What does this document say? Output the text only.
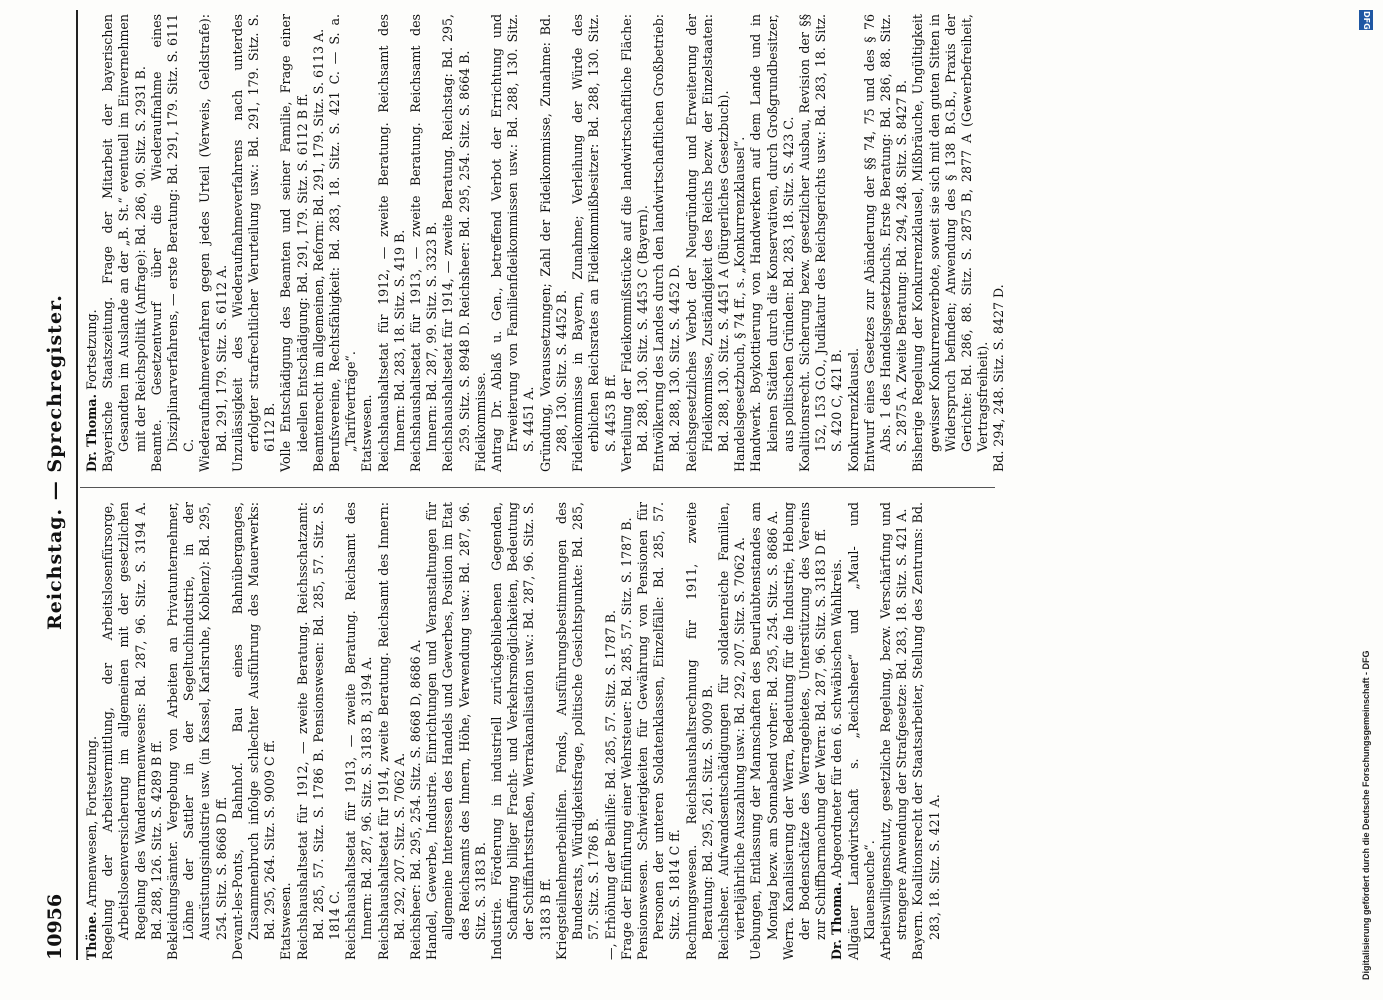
10956
Reichstag. — Sprechregister.

Thöne. Armenwesen, Fortsetzung. Regelung der Arbeitsvermittlung, der Arbeitslosenfürsorge, Arbeitslosenversicherung im allgemeinen mit der gesetzlichen Regelung des Wanderarmenwesens: Bd. 287, 96. Sitz. S. 3194 A. Bd. 288, 126. Sitz. S. 4289 B ff. Bekleidungsämter. Vergebung von Arbeiten an Privatunternehmer, Löhne der Sattler in der Segeltuchindustrie, in der Ausrüstungsindustrie usw. (in Kassel, Karlsruhe, Koblenz): Bd. 295, 254. Sitz. S. 8668 D ff. Devant-les-Ponts, Bahnhof. Bau eines Bahnüberganges, Zusammenbruch infolge schlechter Ausführung des Mauerwerks: Bd. 295, 264. Sitz. S. 9009 C ff. Etatswesen. Reichshaushaltsetat für 1912, — zweite Beratung. Reichsschatzamt: Bd. 285, 57. Sitz. S. 1786 B. Pensionswesen: Bd. 285, 57. Sitz. S. 1814 C. Reichshaushaltsetat für 1913, — zweite Beratung. Reichsamt des Innern: Bd. 287, 96. Sitz. S. 3183 B, 3194 A. Reichshaushaltsetat für 1914, zweite Beratung. Reichsamt des Innern: Bd. 292, 207. Sitz. S. 7062 A. Reichsheer: Bd. 295, 254. Sitz. S. 8668 D, 8686 A. Handel, Gewerbe, Industrie. Einrichtungen und Veranstaltungen für allgemeine Interessen des Handels und Gewerbes, Position im Etat des Reichsamts des Innern, Höhe, Verwendung usw.: Bd. 287, 96. Sitz. S. 3183 B. Industrie. Förderung in industriell zurückgebliebenen Gegenden, Schaffung billiger Fracht- und Verkehrsmöglichkeiten, Bedeutung der Schiffahrtsstraßen, Werrakanalisation usw.: Bd. 287, 96. Sitz. S. 3183 B ff. Kriegsteilnehmerbeihilfen. Fonds, Ausführungsbestimmungen des Bundesrats, Würdigkeitsfrage, politische Gesichtspunkte: Bd. 285, 57. Sitz. S. 1786 B. —, Erhöhung der Beihilfe: Bd. 285, 57. Sitz. S. 1787 B. Frage der Einführung einer Wehrsteuer: Bd. 285, 57. Sitz. S. 1787 B. Pensionswesen. Schwierigkeiten für Gewährung von Pensionen für Personen der unteren Soldatenklassen, Einzelfälle: Bd. 285, 57. Sitz. S. 1814 C ff. Rechnungswesen. Reichshaushaltsrechnung für 1911, zweite Beratung: Bd. 295, 261. Sitz. S. 9009 B. Reichsheer. Aufwandsentschädigungen für soldatenreiche Familien, vierteljährliche Auszahlung usw.: Bd. 292, 207. Sitz. S. 7062 A. Uebungen, Entlassung der Mannschaften des Beurlaubtenstandes am Montag bezw. am Sonnabend vorher: Bd. 295, 254. Sitz. S. 8686 A. Werra. Kanalisierung der Werra, Bedeutung für die Industrie, Hebung der Bodenschätze des Werragebietes, Unterstützung des Vereins zur Schiffbarmachung der Werra: Bd. 287, 96. Sitz. S. 3183 D ff. Dr. Thoma. Abgeordneter für den 6. schwäbischen Wahlkreis. Allgäuer Landwirtschaft s. „Reichsheer“ und „Maul- und Klauenseuche“. Arbeitswilligenschutz, gesetzliche Regelung, bezw. Verschärfung und strengere Anwendung der Strafgesetze: Bd. 283, 18. Sitz. S. 421 A. Bayern. Koalitionsrecht der Staatsarbeiter, Stellung des Zentrums: Bd. 283, 18. Sitz. S. 421 A.

Dr. Thoma. Fortsetzung. Bayerische Staatszeitung. Frage der Mitarbeit der bayerischen Gesandten im Auslande an der „B. St.“ eventuell im Einvernehmen mit der Reichspolitik (Anfrage): Bd. 286, 90. Sitz. S. 2931 B. Beamte. Gesetzentwurf über die Wiederaufnahme eines Disziplinarverfahrens, — erste Beratung: Bd. 291, 179. Sitz. S. 6111 C. Wiederaufnahmeverfahren gegen jedes Urteil (Verweis, Geldstrafe): Bd. 291, 179. Sitz. S. 6112 A. Unzulässigkeit des Wiederaufnahmeverfahrens nach unterdes erfolgter strafrechtlicher Verurteilung usw.: Bd. 291, 179. Sitz. S. 6112 B. Volle Entschädigung des Beamten und seiner Familie, Frage einer ideellen Entschädigung: Bd. 291, 179. Sitz. S. 6112 B ff. Beamtenrecht im allgemeinen, Reform: Bd. 291, 179. Sitz. S. 6113 A. Berufsvereine, Rechtsfähigkeit: Bd. 283, 18. Sitz. S. 421 C. — S. a. „Tarifverträge“. Etatswesen. Reichshaushaltsetat für 1912, — zweite Beratung. Reichsamt des Innern: Bd. 283, 18. Sitz. S. 419 B. Reichshaushaltsetat für 1913, — zweite Beratung. Reichsamt des Innern: Bd. 287, 99. Sitz. S. 3323 B. Reichshaushaltsetat für 1914, — zweite Beratung. Reichstag: Bd. 295, 259. Sitz. S. 8948 D. Reichsheer: Bd. 295, 254. Sitz. S. 8664 B. Fideikommisse. Antrag Dr. Ablaß u. Gen., betreffend Verbot der Errichtung und Erweiterung von Familienfideikommissen usw.: Bd. 288, 130. Sitz. S. 4451 A. Gründung, Voraussetzungen; Zahl der Fideikommisse, Zunahme: Bd. 288, 130. Sitz. S. 4452 B. Fideikommisse in Bayern, Zunahme; Verleihung der Würde des erblichen Reichsrates an Fideikommißbesitzer: Bd. 288, 130. Sitz. S. 4453 B ff. Verteilung der Fideikommißstücke auf die landwirtschaftliche Fläche: Bd. 288, 130. Sitz. S. 4453 C (Bayern). Entwölkerung des Landes durch den landwirtschaftlichen Großbetrieb: Bd. 288, 130. Sitz. S. 4452 D. Reichsgesetzliches Verbot der Neugründung und Erweiterung der Fideikommisse, Zuständigkeit des Reichs bezw. der Einzelstaaten: Bd. 288, 130. Sitz. S. 4451 A (Bürgerliches Gesetzbuch). Handelsgesetzbuch, § 74 ff., s. „Konkurrenzklausel“. Handwerk. Boykottierung von Handwerkern auf dem Lande und in kleinen Städten durch die Konservativen, durch Großgrundbesitzer, aus politischen Gründen: Bd. 283, 18. Sitz. S. 423 C. Koalitionsrecht. Sicherung bezw. gesetzlicher Ausbau, Revision der §§ 152, 153 G.O., Judikatur des Reichsgerichts usw.: Bd. 283, 18. Sitz. S. 420 C, 421 B. Konkurrenzklausel. Entwurf eines Gesetzes zur Abänderung der §§ 74, 75 und des § 76 Abs. 1 des Handelsgesetzbuchs. Erste Beratung: Bd. 286, 88. Sitz. S. 2875 A. Zweite Beratung: Bd. 294, 248. Sitz. S. 8427 B. Bisherige Regelung der Konkurrenzklausel, Mißbräuche, Ungültigkeit gewisser Konkurrenzverbote, soweit sie sich mit den guten Sitten in Widerspruch befinden; Anwendung des § 138 B.G.B., Praxis der Gerichte: Bd. 286, 88. Sitz. S. 2875 B, 2877 A (Gewerbefreiheit, Vertragsfreiheit). Bd. 294, 248. Sitz. S. 8427 D.

DFG
Digitalisierung gefördert durch die Deutsche Forschungsgemeinschaft - DFG
